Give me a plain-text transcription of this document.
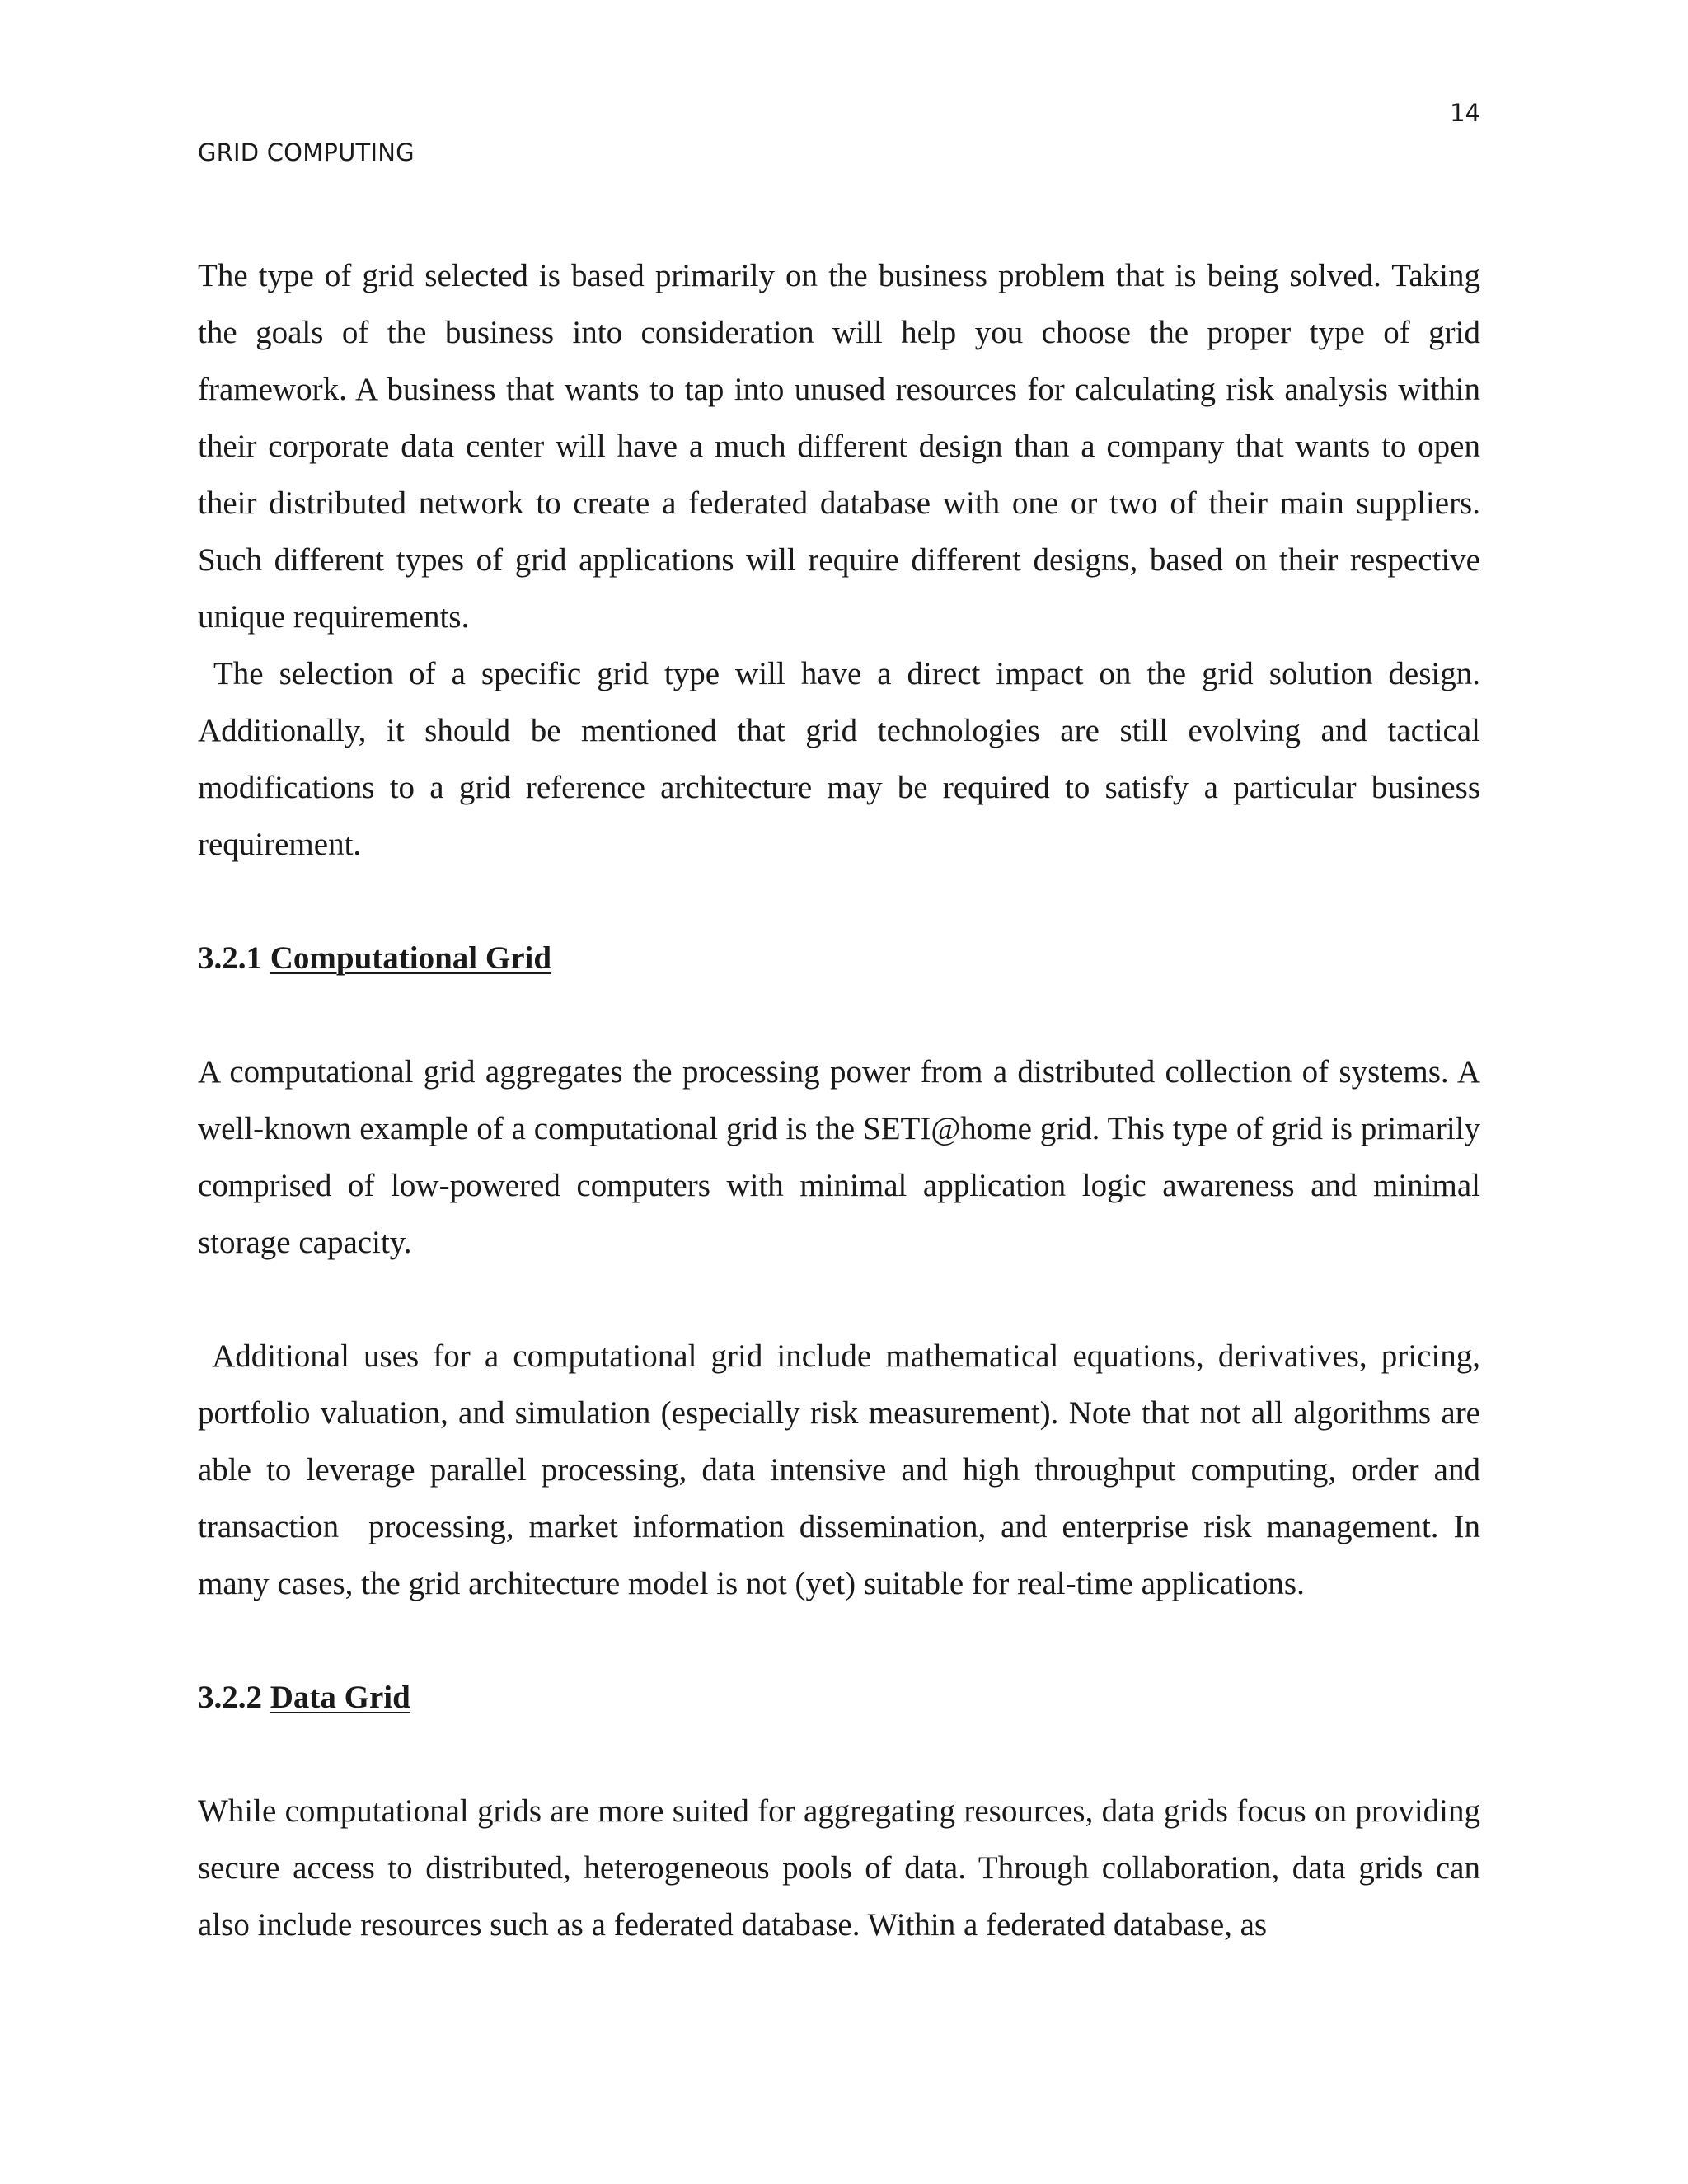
14
GRID COMPUTING

The type of grid selected is based primarily on the business problem that is being solved. Taking the goals of the business into consideration will help you choose the proper type of grid framework. A business that wants to tap into unused resources for calculating risk analysis within their corporate data center will have a much different design than a company that wants to open their distributed network to create a federated database with one or two of their main suppliers. Such different types of grid applications will require different designs, based on their respective unique requirements.

The selection of a specific grid type will have a direct impact on the grid solution design. Additionally, it should be mentioned that grid technologies are still evolving and tactical modifications to a grid reference architecture may be required to satisfy a particular business requirement.

3.2.1 Computational Grid

A computational grid aggregates the processing power from a distributed collection of systems. A well-known example of a computational grid is the SETI@home grid. This type of grid is primarily comprised of low-powered computers with minimal application logic awareness and minimal storage capacity.

Additional uses for a computational grid include mathematical equations, derivatives, pricing, portfolio valuation, and simulation (especially risk measurement). Note that not all algorithms are able to leverage parallel processing, data intensive and high throughput computing, order and transaction  processing, market information dissemination, and enterprise risk management. In many cases, the grid architecture model is not (yet) suitable for real-time applications.

3.2.2 Data Grid

While computational grids are more suited for aggregating resources, data grids focus on providing secure access to distributed, heterogeneous pools of data. Through collaboration, data grids can also include resources such as a federated database. Within a federated database, as
